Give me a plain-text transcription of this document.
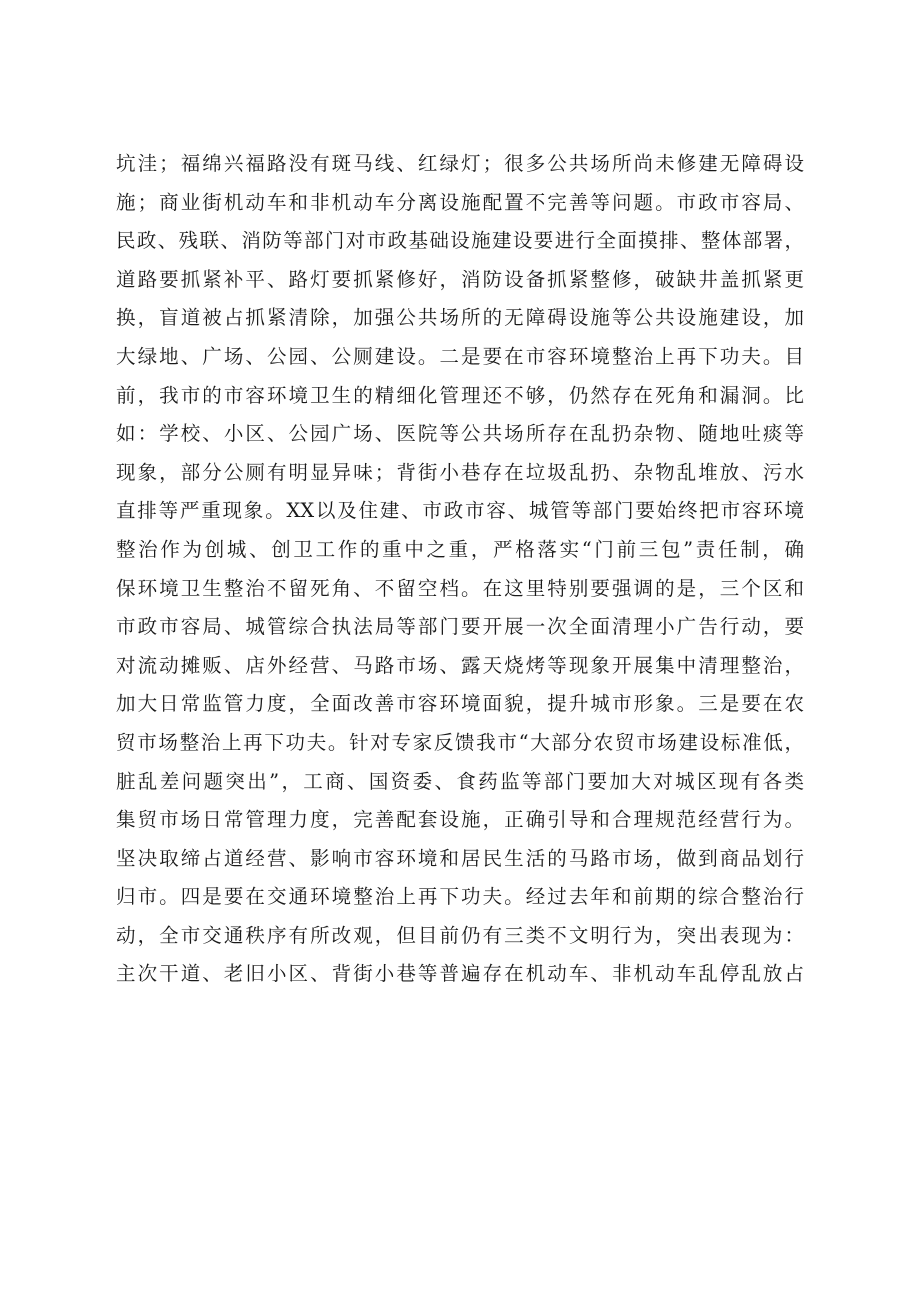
坑洼；福绵兴福路没有斑马线、红绿灯；很多公共场所尚未修建无障碍设
施；商业街机动车和非机动车分离设施配置不完善等问题。市政市容局、
民政、残联、消防等部门对市政基础设施建设要进行全面摸排、整体部署，
道路要抓紧补平、路灯要抓紧修好，消防设备抓紧整修，破缺井盖抓紧更
换，盲道被占抓紧清除，加强公共场所的无障碍设施等公共设施建设，加
大绿地、广场、公园、公厕建设。二是要在市容环境整治上再下功夫。目
前，我市的市容环境卫生的精细化管理还不够，仍然存在死角和漏洞。比
如：学校、小区、公园广场、医院等公共场所存在乱扔杂物、随地吐痰等
现象，部分公厕有明显异味；背街小巷存在垃圾乱扔、杂物乱堆放、污水
直排等严重现象。XX以及住建、市政市容、城管等部门要始终把市容环境
整治作为创城、创卫工作的重中之重，严格落实“门前三包”责任制，确
保环境卫生整治不留死角、不留空档。在这里特别要强调的是，三个区和
市政市容局、城管综合执法局等部门要开展一次全面清理小广告行动，要
对流动摊贩、店外经营、马路市场、露天烧烤等现象开展集中清理整治，
加大日常监管力度，全面改善市容环境面貌，提升城市形象。三是要在农
贸市场整治上再下功夫。针对专家反馈我市“大部分农贸市场建设标准低，
脏乱差问题突出”，工商、国资委、食药监等部门要加大对城区现有各类
集贸市场日常管理力度，完善配套设施，正确引导和合理规范经营行为。
坚决取缔占道经营、影响市容环境和居民生活的马路市场，做到商品划行
归市。四是要在交通环境整治上再下功夫。经过去年和前期的综合整治行
动，全市交通秩序有所改观，但目前仍有三类不文明行为，突出表现为：
主次干道、老旧小区、背街小巷等普遍存在机动车、非机动车乱停乱放占
